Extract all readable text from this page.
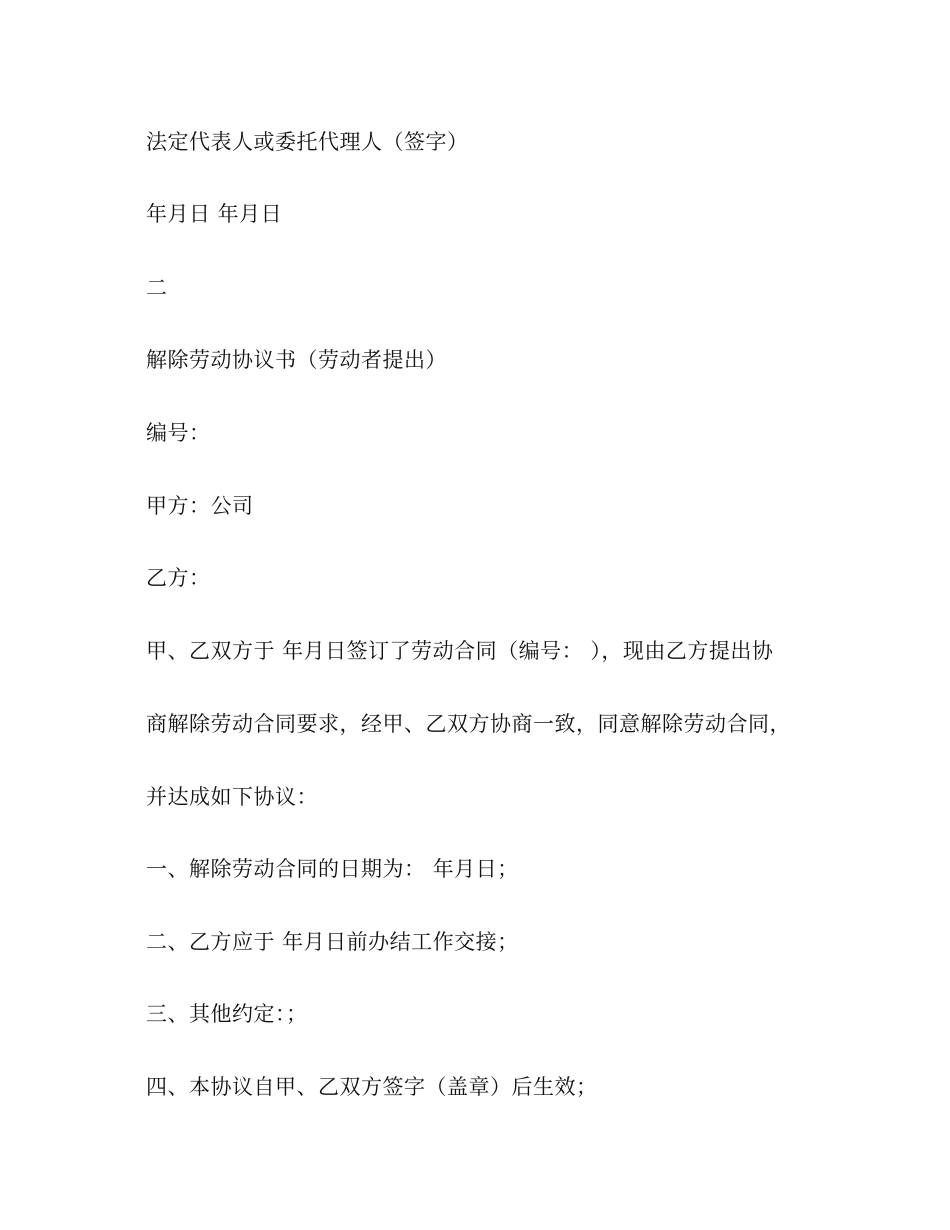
法定代表人或委托代理人（签字）
年月日 年月日
二
解除劳动协议书（劳动者提出）
编号：
甲方：公司
乙方：
甲、乙双方于 年月日签订了劳动合同（编号： ），现由乙方提出协
商解除劳动合同要求，经甲、乙双方协商一致，同意解除劳动合同，
并达成如下协议：
一、解除劳动合同的日期为： 年月日；
二、乙方应于 年月日前办结工作交接；
三、其他约定：；
四、本协议自甲、乙双方签字（盖章）后生效；
